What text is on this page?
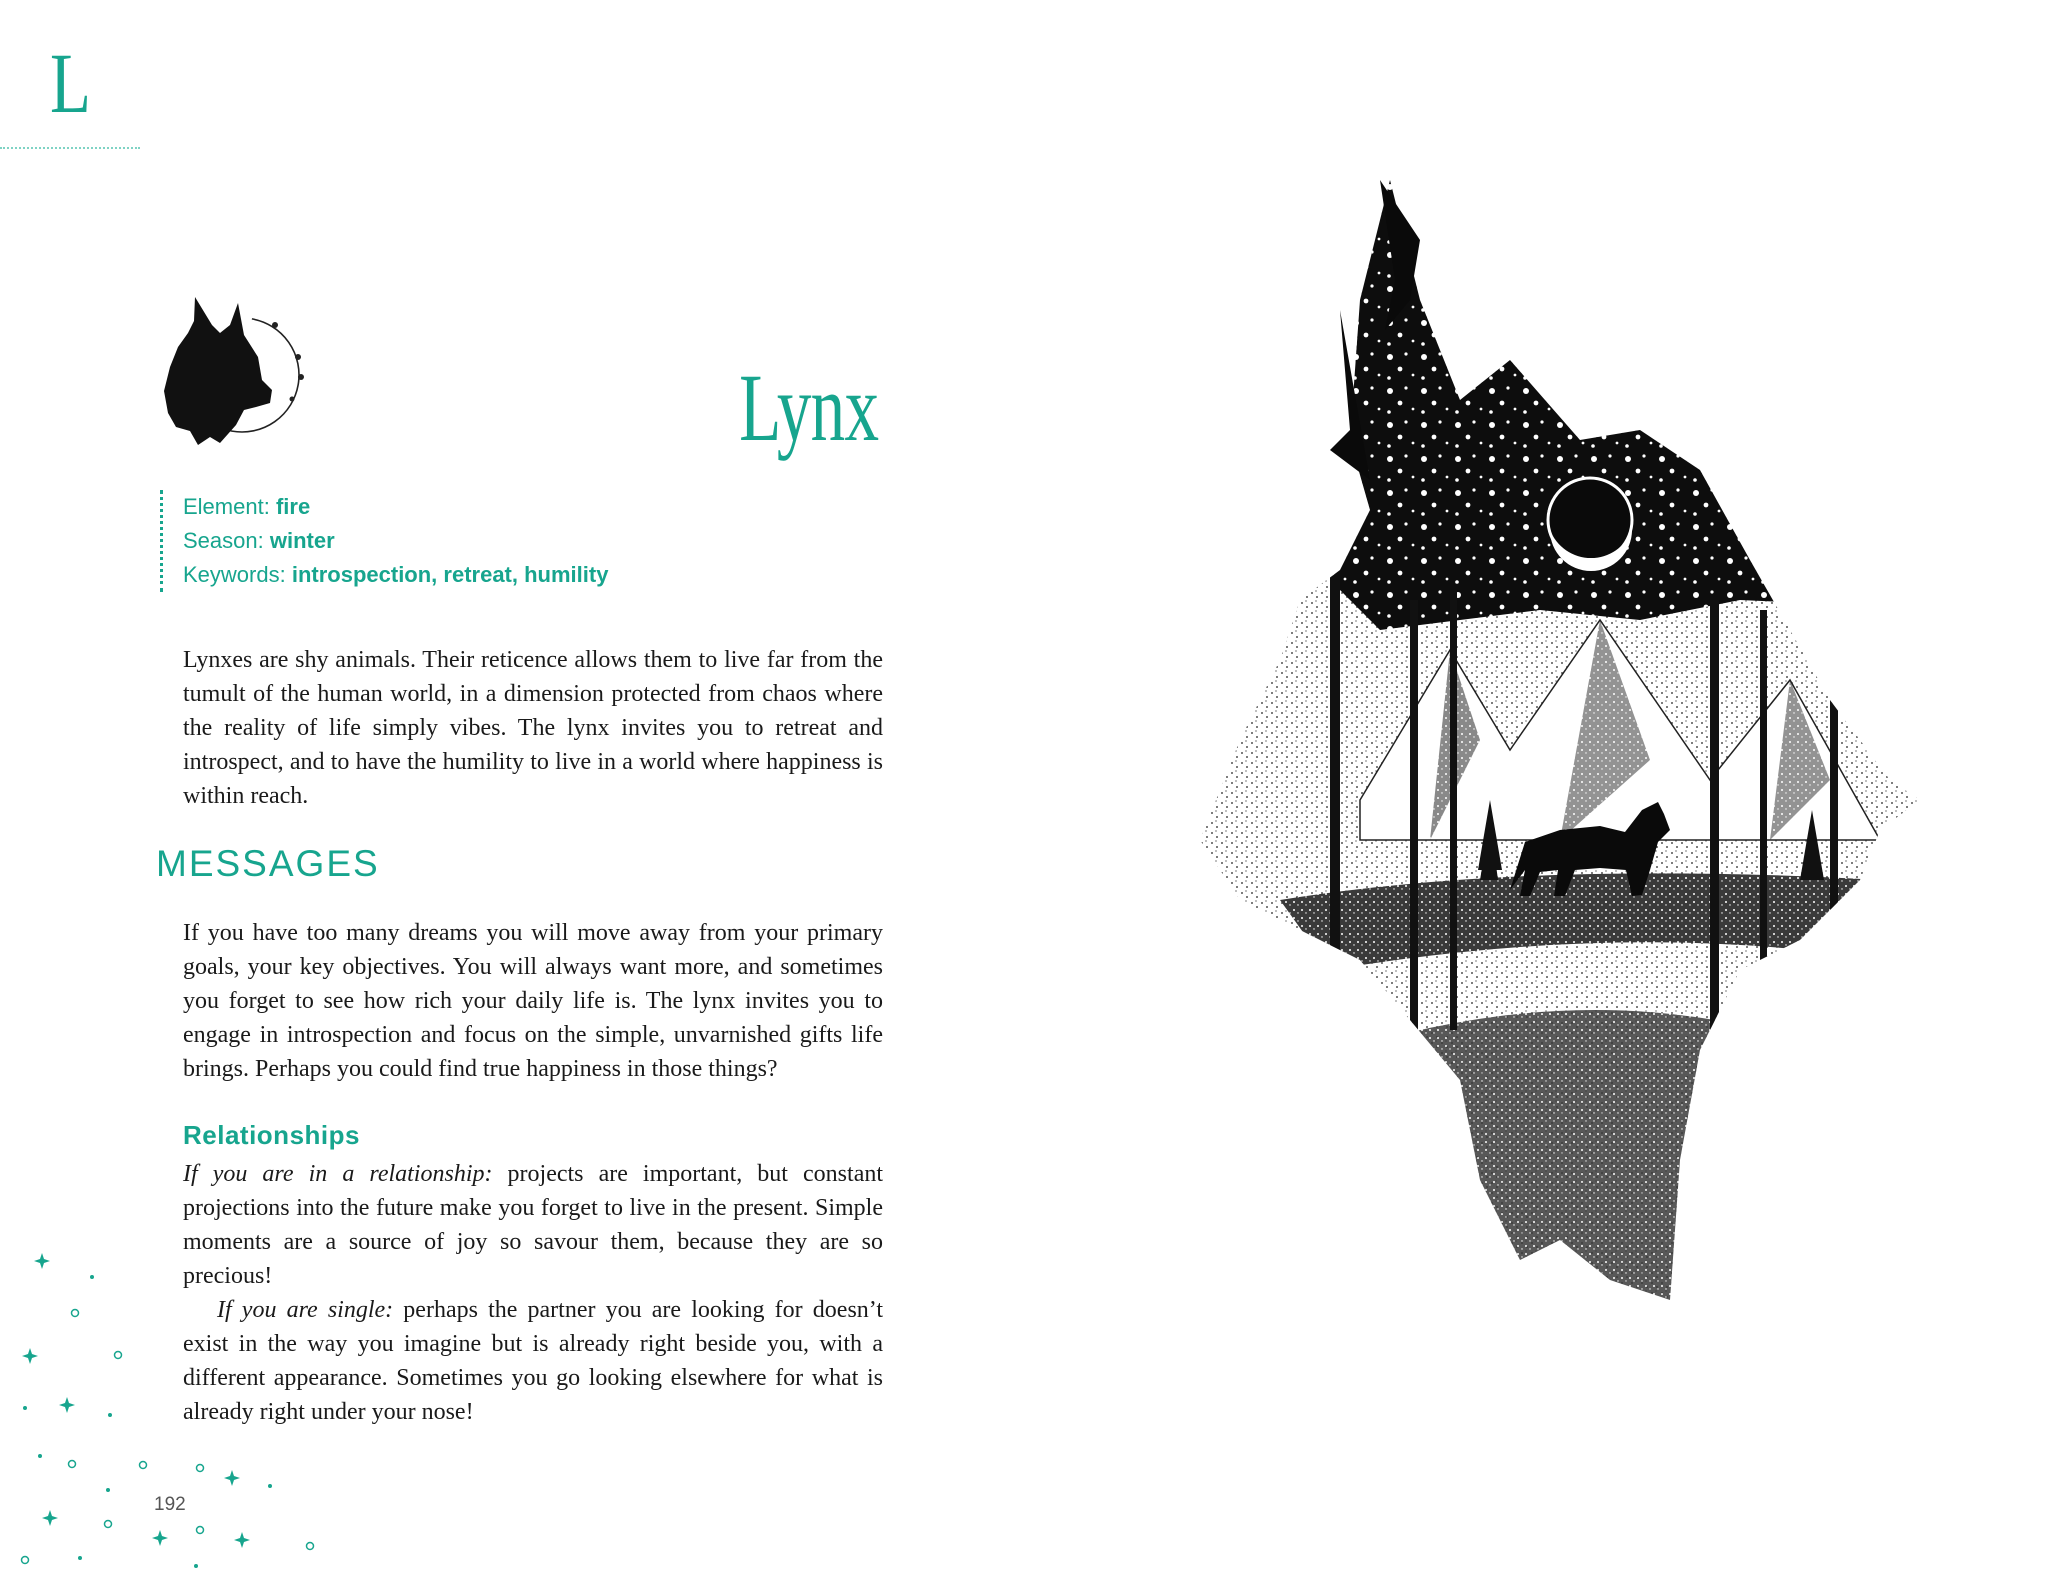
L
Lynx
Element: fire
Season: winter
Keywords: introspection, retreat, humility
Lynxes are shy animals. Their reticence allows them to live far from the tumult of the human world, in a dimension protected from chaos where the reality of life simply vibes. The lynx invites you to retreat and introspect, and to have the humility to live in a world where happiness is within reach.
MESSAGES
If you have too many dreams you will move away from your primary goals, your key objectives. You will always want more, and sometimes you forget to see how rich your daily life is. The lynx invites you to engage in introspection and focus on the simple, unvarnished gifts life brings. Perhaps you could find true happiness in those things?
Relationships

If you are in a relationship: projects are important, but constant projections into the future make you forget to live in the present. Simple moments are a source of joy so savour them, because they are so precious!

If you are single: perhaps the partner you are looking for doesn’t exist in the way you imagine but is already right beside you, with a different appearance. Sometimes you go looking elsewhere for what is already right under your nose!

192
